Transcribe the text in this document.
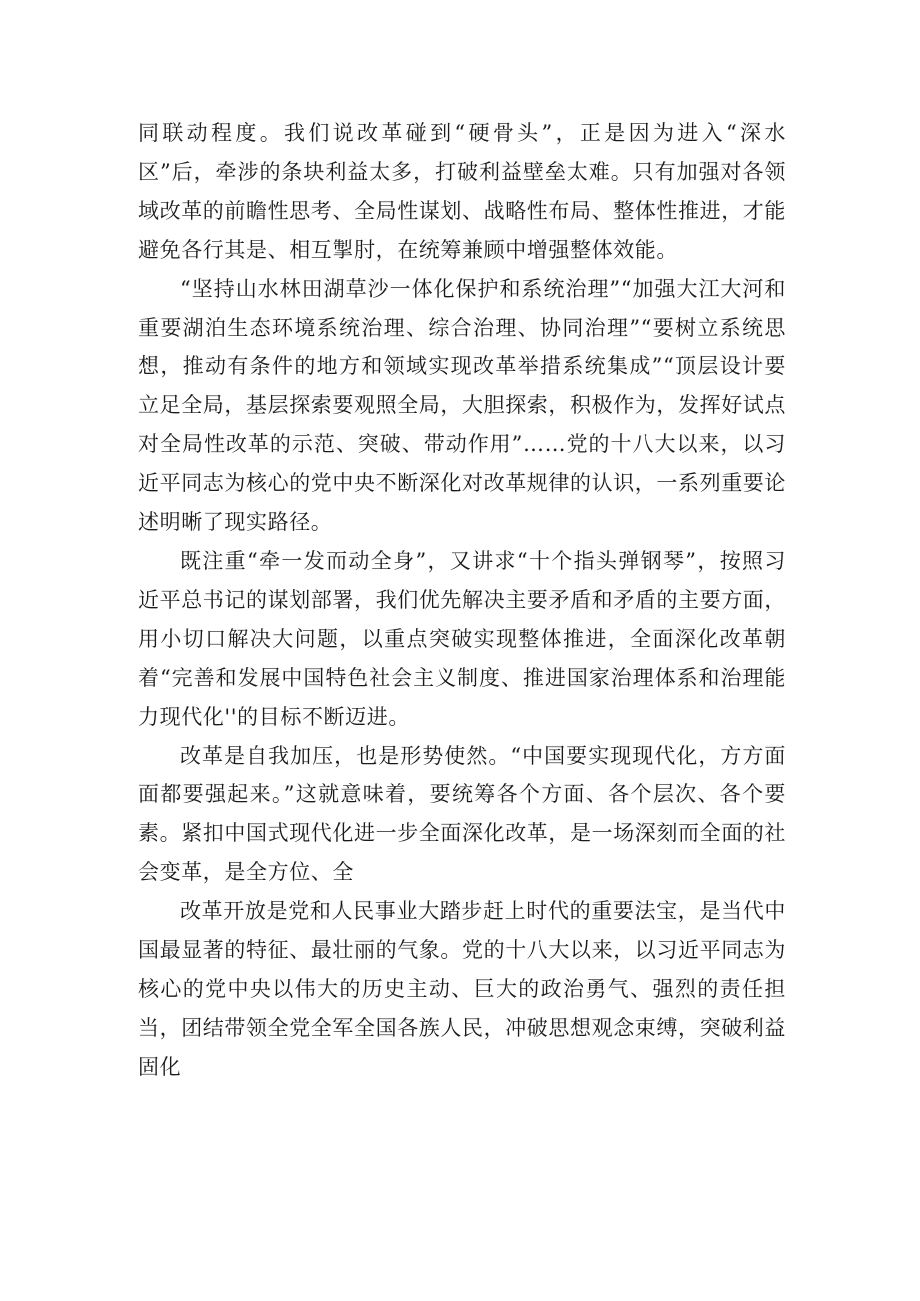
同联动程度。我们说改革碰到“硬骨头”，正是因为进入“深水区”后，牵涉的条块利益太多，打破利益壁垒太难。只有加强对各领域改革的前瞻性思考、全局性谋划、战略性布局、整体性推进，才能避免各行其是、相互掣肘，在统筹兼顾中增强整体效能。

“坚持山水林田湖草沙一体化保护和系统治理”“加强大江大河和重要湖泊生态环境系统治理、综合治理、协同治理”“要树立系统思想，推动有条件的地方和领域实现改革举措系统集成”“顶层设计要立足全局，基层探索要观照全局，大胆探索，积极作为，发挥好试点对全局性改革的示范、突破、带动作用”……党的十八大以来，以习近平同志为核心的党中央不断深化对改革规律的认识，一系列重要论述明晰了现实路径。

既注重“牵一发而动全身”，又讲求“十个指头弹钢琴”，按照习近平总书记的谋划部署，我们优先解决主要矛盾和矛盾的主要方面，用小切口解决大问题，以重点突破实现整体推进，全面深化改革朝着“完善和发展中国特色社会主义制度、推进国家治理体系和治理能力现代化''的目标不断迈进。

改革是自我加压，也是形势使然。“中国要实现现代化，方方面面都要强起来。”这就意味着，要统筹各个方面、各个层次、各个要素。紧扣中国式现代化进一步全面深化改革，是一场深刻而全面的社会变革，是全方位、全

改革开放是党和人民事业大踏步赶上时代的重要法宝，是当代中国最显著的特征、最壮丽的气象。党的十八大以来，以习近平同志为核心的党中央以伟大的历史主动、巨大的政治勇气、强烈的责任担当，团结带领全党全军全国各族人民，冲破思想观念束缚，突破利益固化
